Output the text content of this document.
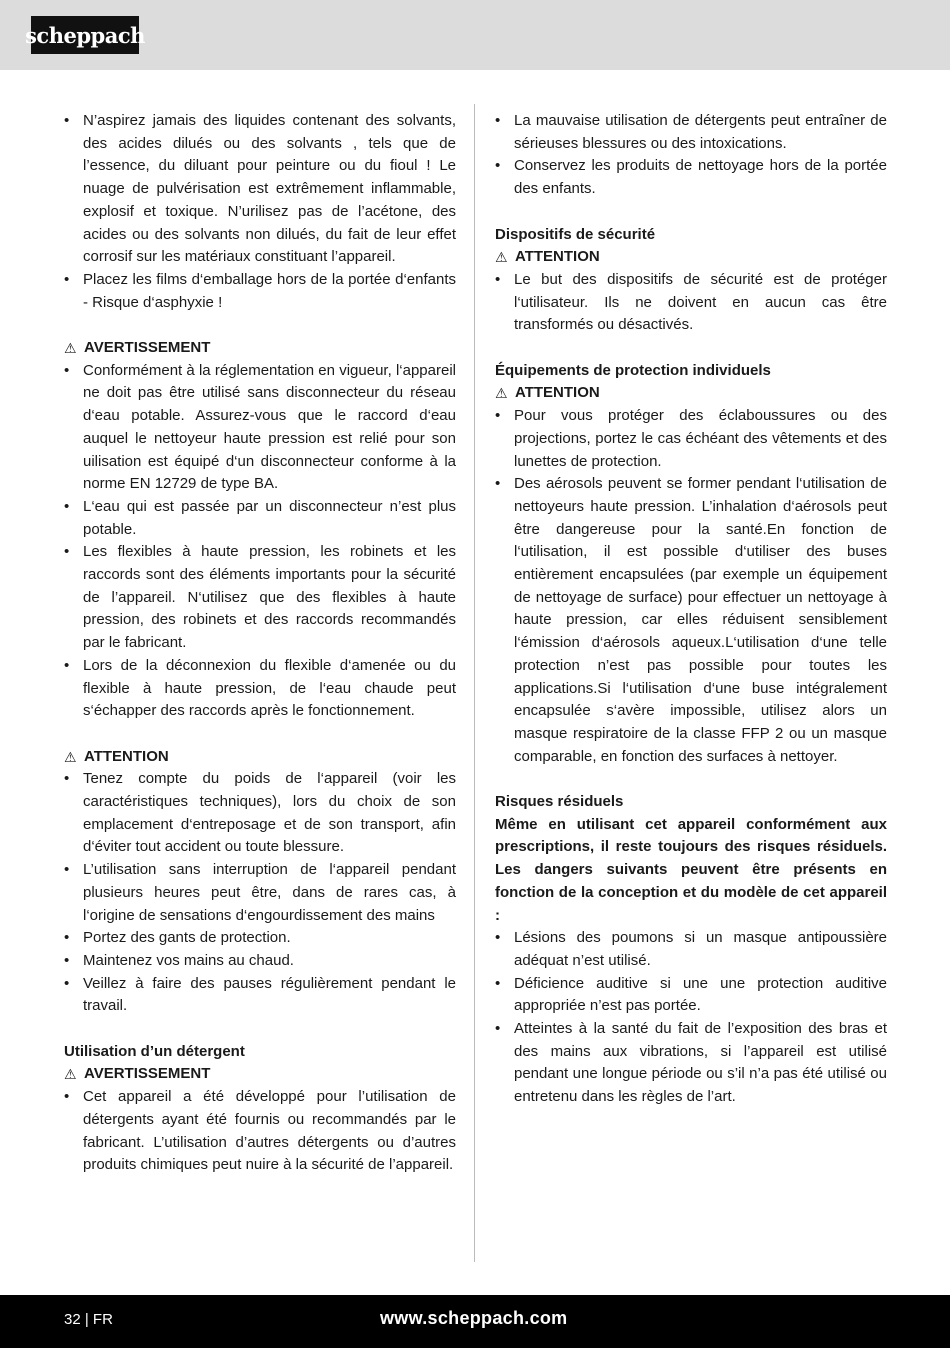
scheppach
• N’aspirez jamais des liquides contenant des solvants, des acides dilués ou des solvants , tels que de l’essence, du diluant pour peinture ou du fioul ! Le nuage de pulvérisation est extrêmement inflammable, explosif et toxique. N’urilisez pas de l’acétone, des acides ou des solvants non dilués, du fait de leur effet corrosif sur les matériaux constituant l’appareil.
• Placez les films d‘emballage hors de la portée d‘enfants - Risque d‘asphyxie !
⚠ AVERTISSEMENT
• Conformément à la réglementation en vigueur, l‘appareil ne doit pas être utilisé sans disconnecteur du réseau d‘eau potable. Assurez-vous que le raccord d‘eau auquel le nettoyeur haute pression est relié pour son uilisation est équipé d‘un disconnecteur conforme à la norme EN 12729 de type BA.
• L‘eau qui est passée par un disconnecteur n’est plus potable.
• Les flexibles à haute pression, les robinets et les raccords sont des éléments importants pour la sécurité de l’appareil. N‘utilisez que des flexibles à haute pression, des robinets et des raccords recommandés par le fabricant.
• Lors de la déconnexion du flexible d‘amenée ou du flexible à haute pression, de l‘eau chaude peut s‘échapper des raccords après le fonctionnement.
⚠ ATTENTION
• Tenez compte du poids de l‘appareil (voir les caractéristiques techniques), lors du choix de son emplacement d‘entreposage et de son transport, afin d‘éviter tout accident ou toute blessure.
• L’utilisation sans interruption de l‘appareil pendant plusieurs heures peut être, dans de rares cas, à l‘origine de sensations d‘engourdissement des mains
• Portez des gants de protection.
• Maintenez vos mains au chaud.
• Veillez à faire des pauses régulièrement pendant le travail.
Utilisation d’un détergent
⚠ AVERTISSEMENT
• Cet appareil a été développé pour l’utilisation de détergents ayant été fournis ou recommandés par le fabricant. L’utilisation d’autres détergents ou d’autres produits chimiques peut nuire à la sécurité de l’appareil.
• La mauvaise utilisation de détergents peut entraîner de sérieuses blessures ou des intoxications.
• Conservez les produits de nettoyage hors de la portée des enfants.
Dispositifs de sécurité
⚠ ATTENTION
• Le but des dispositifs de sécurité est de protéger l‘utilisateur. Ils ne doivent en aucun cas être transformés ou désactivés.
Équipements de protection individuels
⚠ ATTENTION
• Pour vous protéger des éclaboussures ou des projections, portez le cas échéant des vêtements et des lunettes de protection.
• Des aérosols peuvent se former pendant l‘utilisation de nettoyeurs haute pression. L’inhalation d‘aérosols peut être dangereuse pour la santé.En fonction de l‘utilisation, il est possible d‘utiliser des buses entièrement encapsulées (par exemple un équipement de nettoyage de surface) pour effectuer un nettoyage à haute pression, car elles réduisent sensiblement l‘émission d‘aérosols aqueux.L‘utilisation d‘une telle protection n’est pas possible pour toutes les applications.Si l‘utilisation d‘une buse intégralement encapsulée s‘avère impossible, utilisez alors un masque respiratoire de la classe FFP 2 ou un masque comparable, en fonction des surfaces à nettoyer.
Risques résiduels
Même en utilisant cet appareil conformément aux prescriptions, il reste toujours des risques résiduels. Les dangers suivants peuvent être présents en fonction de la conception et du modèle de cet appareil :
• Lésions des poumons si un masque antipoussière adéquat n’est utilisé.
• Déficience auditive si une une protection auditive appropriée n’est pas portée.
• Atteintes à la santé du fait de l’exposition des bras et des mains aux vibrations, si l’appareil est utilisé pendant une longue période ou s’il n’a pas été utilisé ou entretenu dans les règles de l’art.
32 | FR	www.scheppach.com
